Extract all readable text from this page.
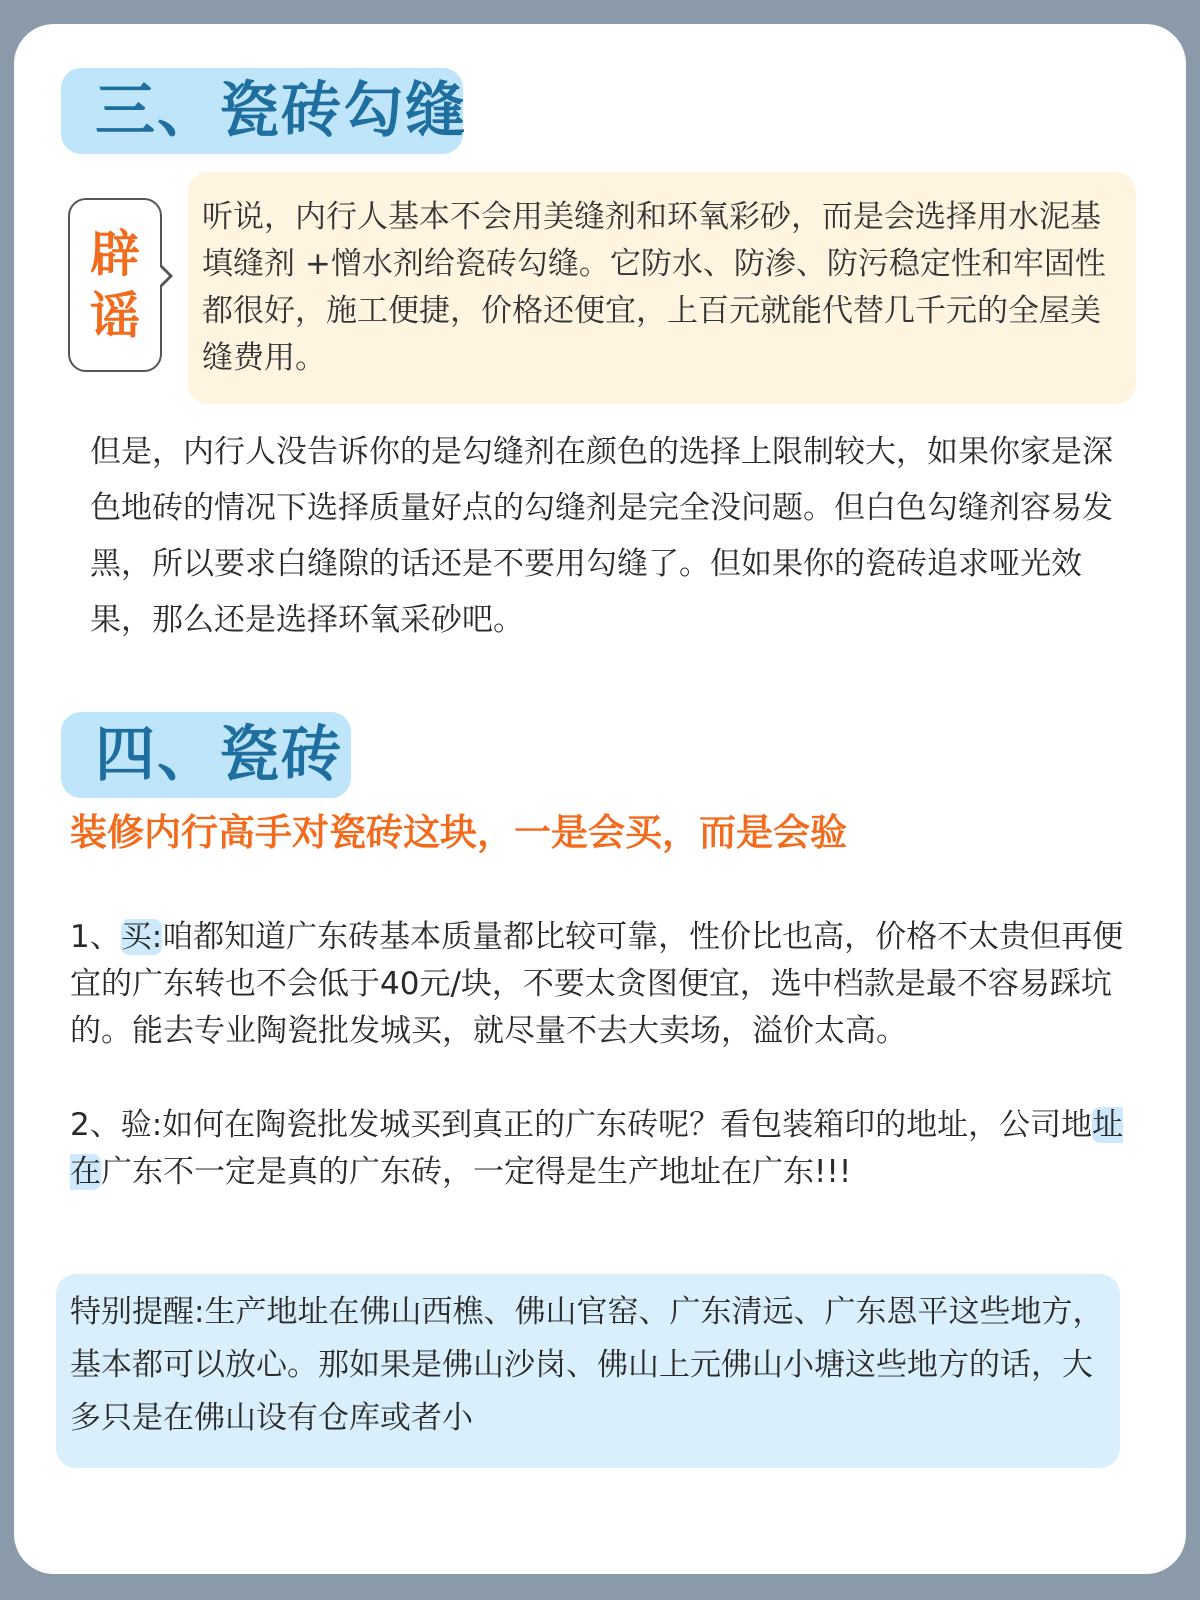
三、瓷砖勾缝
辟
谣
听说，内行人基本不会用美缝剂和环氧彩砂，而是会选择用水泥基填缝剂 +憎水剂给瓷砖勾缝。它防水、防渗、防污稳定性和牢固性都很好，施工便捷，价格还便宜，上百元就能代替几千元的全屋美缝费用。
但是，内行人没告诉你的是勾缝剂在颜色的选择上限制较大，如果你家是深色地砖的情况下选择质量好点的勾缝剂是完全没问题。但白色勾缝剂容易发黑，所以要求白缝隙的话还是不要用勾缝了。但如果你的瓷砖追求哑光效果，那么还是选择环氧采砂吧。
四、瓷砖
装修内行高手对瓷砖这块，一是会买，而是会验
1、买:咱都知道广东砖基本质量都比较可靠，性价比也高，价格不太贵但再便宜的广东转也不会低于40元/块，不要太贪图便宜，选中档款是最不容易踩坑的。能去专业陶瓷批发城买，就尽量不去大卖场，溢价太高。
2、验:如何在陶瓷批发城买到真正的广东砖呢？看包装箱印的地址，公司地址在广东不一定是真的广东砖，一定得是生产地址在广东!!!
特别提醒:生产地址在佛山西樵、佛山官窑、广东清远、广东恩平这些地方，基本都可以放心。那如果是佛山沙岗、佛山上元佛山小塘这些地方的话，大多只是在佛山设有仓库或者小
